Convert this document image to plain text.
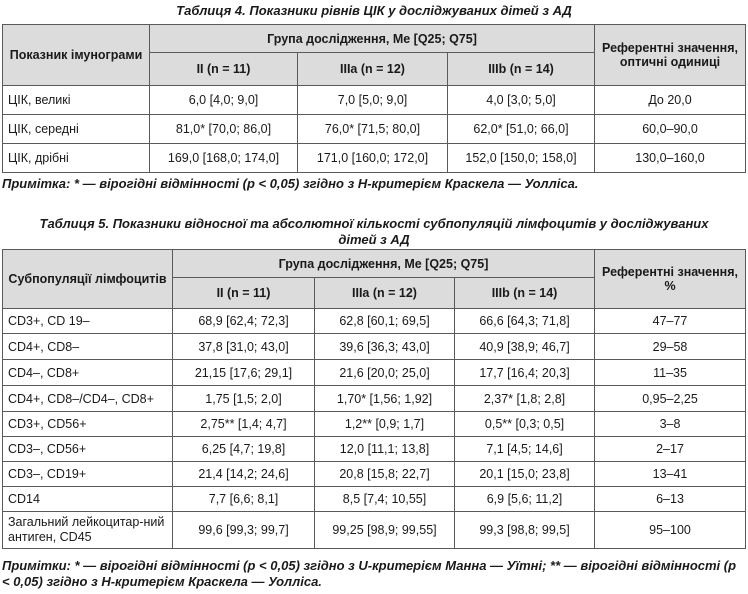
Таблиця 4. Показники рівнів ЦІК у досліджуваних дітей з АД
Показник імунограми	Група дослідження, Me [Q25; Q75]			Референтні значення, оптичні одиниці
	ІІ (n = 11)	IIIa (n = 12)	IIIb (n = 14)	
ЦІК, великі	6,0 [4,0; 9,0]	7,0 [5,0; 9,0]	4,0 [3,0; 5,0]	До 20,0
ЦІК, середні	81,0* [70,0; 86,0]	76,0* [71,5; 80,0]	62,0* [51,0; 66,0]	60,0–90,0
ЦІК, дрібні	169,0 [168,0; 174,0]	171,0 [160,0; 172,0]	152,0 [150,0; 158,0]	130,0–160,0
Примітка: * — вірогідні відмінності (р < 0,05) згідно з Н-критерієм Краскела — Уолліса.
Таблиця 5. Показники відносної та абсолютної кількості субпопуляцій лімфоцитів у досліджуваних
дітей з АД
Субпопуляції лімфоцитів	Група дослідження, Me [Q25; Q75]			Референтні значення, %
	ІІ (n = 11)	IIIa (n = 12)	IIIb (n = 14)	
CD3+, CD 19–	68,9 [62,4; 72,3]	62,8 [60,1; 69,5]	66,6 [64,3; 71,8]	47–77
CD4+, CD8–	37,8 [31,0; 43,0]	39,6 [36,3; 43,0]	40,9 [38,9; 46,7]	29–58
CD4–, CD8+	21,15 [17,6; 29,1]	21,6 [20,0; 25,0]	17,7 [16,4; 20,3]	11–35
CD4+, CD8–/CD4–, CD8+	1,75 [1,5; 2,0]	1,70* [1,56; 1,92]	2,37* [1,8; 2,8]	0,95–2,25
CD3+, CD56+	2,75** [1,4; 4,7]	1,2** [0,9; 1,7]	0,5** [0,3; 0,5]	3–8
CD3–, CD56+	6,25 [4,7; 19,8]	12,0 [11,1; 13,8]	7,1 [4,5; 14,6]	2–17
CD3–, CD19+	21,4 [14,2; 24,6]	20,8 [15,8; 22,7]	20,1 [15,0; 23,8]	13–41
CD14	7,7 [6,6; 8,1]	8,5 [7,4; 10,55]	6,9 [5,6; 11,2]	6–13
Загальний лейкоцитар-ний антиген, CD45	99,6 [99,3; 99,7]	99,25 [98,9; 99,55]	99,3 [98,8; 99,5]	95–100
Примітки: * — вірогідні відмінності (р < 0,05) згідно з U-критерієм Манна — Уїтні; ** — вірогідні відмінності (р < 0,05) згідно з Н-критерієм Краскела — Уолліса.
